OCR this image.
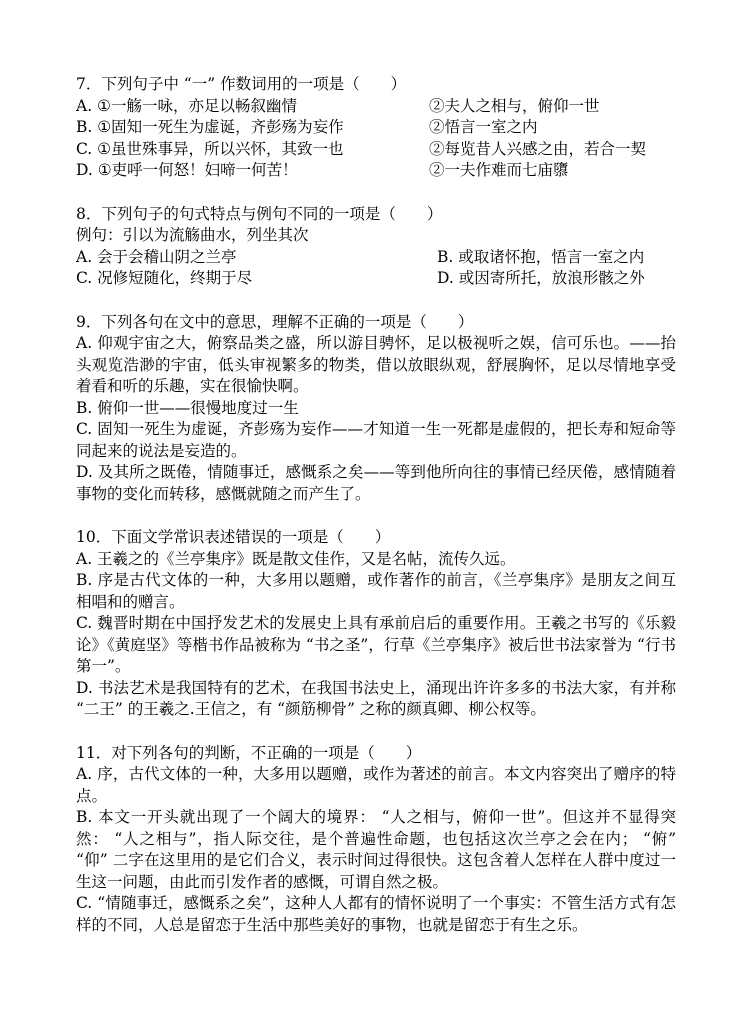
7．下列句子中 “一” 作数词用的一项是（　　）
A. ①一觞一咏，亦足以畅叙幽情	②夫人之相与，俯仰一世
B. ①固知一死生为虚诞，齐彭殇为妄作	②悟言一室之内
C. ①虽世殊事异，所以兴怀，其致一也	②每览昔人兴感之由，若合一契
D. ①吏呼一何怒！妇啼一何苦！	②一夫作难而七庙隳
8．下列句子的句式特点与例句不同的一项是（　　）
例句：引以为流觞曲水，列坐其次
A. 会于会稽山阴之兰亭	B. 或取诸怀抱，悟言一室之内
C. 况修短随化，终期于尽	D. 或因寄所托，放浪形骸之外
9．下列各句在文中的意思，理解不正确的一项是（　　）
A. 仰观宇宙之大，俯察品类之盛，所以游目骋怀，足以极视听之娱，信可乐也。——抬头观览浩渺的宇宙，低头审视繁多的物类，借以放眼纵观，舒展胸怀，足以尽情地享受着看和听的乐趣，实在很愉快啊。
B. 俯仰一世——很慢地度过一生
C. 固知一死生为虚诞，齐彭殇为妄作——才知道一生一死都是虚假的，把长寿和短命等同起来的说法是妄造的。
D. 及其所之既倦，情随事迁，感慨系之矣——等到他所向往的事情已经厌倦，感情随着事物的变化而转移，感慨就随之而产生了。
10．下面文学常识表述错误的一项是（　　）
A. 王羲之的《兰亭集序》既是散文佳作，又是名帖，流传久远。
B. 序是古代文体的一种，大多用以题赠，或作著作的前言，《兰亭集序》是朋友之间互相唱和的赠言。
C. 魏晋时期在中国抒发艺术的发展史上具有承前启后的重要作用。王羲之书写的《乐毅论》《黄庭坚》等楷书作品被称为 “书之圣”，行草《兰亭集序》被后世书法家誉为 “行书第一”。
D. 书法艺术是我国特有的艺术，在我国书法史上，涌现出许许多多的书法大家，有并称 “二王” 的王羲之.王信之，有 “颜筋柳骨” 之称的颜真卿、柳公权等。
11．对下列各句的判断，不正确的一项是（　　）
A. 序，古代文体的一种，大多用以题赠，或作为著述的前言。本文内容突出了赠序的特点。
B. 本文一开头就出现了一个阔大的境界： “人之相与，俯仰一世”。但这并不显得突然： “人之相与”，指人际交往，是个普遍性命题，也包括这次兰亭之会在内； “俯” “仰” 二字在这里用的是它们合义，表示时间过得很快。这包含着人怎样在人群中度过一生这一问题，由此而引发作者的感慨，可谓自然之极。
C. “情随事迁，感慨系之矣”，这种人人都有的情怀说明了一个事实：不管生活方式有怎样的不同，人总是留恋于生活中那些美好的事物，也就是留恋于有生之乐。
